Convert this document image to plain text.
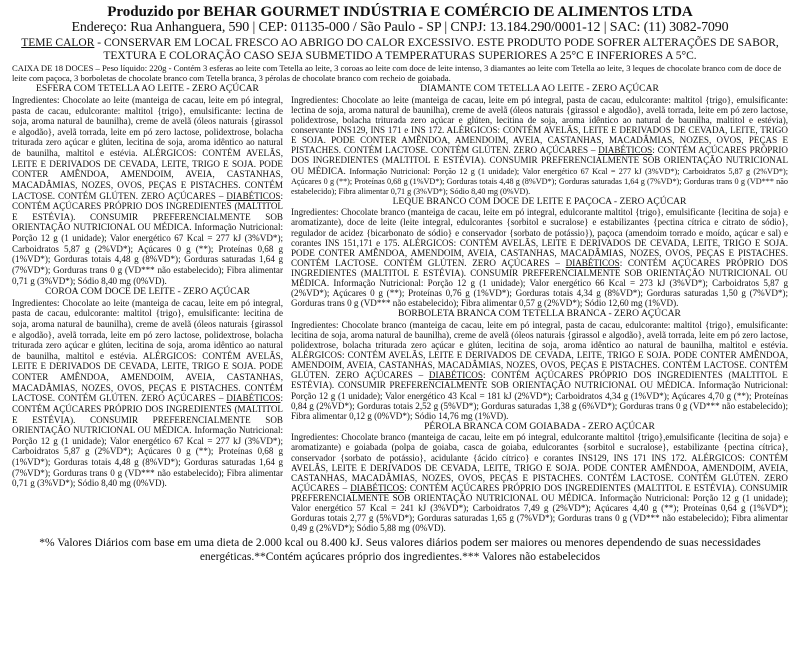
Produzido por BEHAR GOURMET INDÚSTRIA E COMÉRCIO DE ALIMENTOS LTDA
Endereço: Rua Anhanguera, 590 | CEP: 01135-000 / São Paulo - SP | CNPJ: 13.184.290/0001-12 | SAC: (11) 3082-7090
TEME CALOR - CONSERVAR EM LOCAL FRESCO AO ABRIGO DO CALOR EXCESSIVO. ESTE PRODUTO PODE SOFRER ALTERAÇÕES DE SABOR, TEXTURA E COLORAÇÃO CASO SEJA SUBMETIDO A TEMPERATURAS SUPERIORES A 25°C E INFERIORES A 5°C.
CAIXA DE 18 DOCES – Peso líquido: 220g - Contém 3 esferas ao leite com Tetella ao leite, 3 coroas ao leite com doce de leite intenso, 3 diamantes ao leite com Tetella ao leite, 3 leques de chocolate branco com de doce de leite com paçoca, 3 borboletas de chocolate branco com Tetella branca, 3 pérolas de chocolate branco com recheio de goiabada.
ESFERA COM TETELLA AO LEITE - ZERO AÇÚCAR
Ingredientes: Chocolate ao leite (manteiga de cacau, leite em pó integral, pasta de cacau, edulcorante: maltitol {trigo}, emulsificante: lectina de soja, aroma natural de baunilha), creme de avelã (óleos naturais {girassol e algodão}, avelã torrada, leite em pó zero lactose, polidextrose, bolacha triturada zero açúcar e glúten, lecitina de soja, aroma idêntico ao natural de baunilha, maltitol e estévia. ALÉRGICOS: CONTÉM AVELÃS, LEITE E DERIVADOS DE CEVADA, LEITE, TRIGO E SOJA. PODE CONTER AMÊNDOA, AMENDOIM, AVEIA, CASTANHAS, MACADÂMIAS, NOZES, OVOS, PEÇAS E PISTACHES. CONTÉM LACTOSE. CONTÉM GLÚTEN. ZERO AÇÚCARES – DIABÉTICOS: CONTÉM AÇÚCARES PRÓPRIO DOS INGREDIENTES (MALTITOL E ESTÉVIA). CONSUMIR PREFERENCIALMENTE SOB ORIENTAÇÃO NUTRICIONAL OU MÉDICA. Informação Nutricional: Porção 12 g (1 unidade); Valor energético 67 Kcal = 277 kJ (3%VD*); Carboidratos 5,87 g (2%VD*); Açúcares 0 g (**); Proteínas 0,68 g (1%VD*); Gorduras totais 4,48 g (8%VD*); Gorduras saturadas 1,64 g (7%VD*); Gorduras trans 0 g (VD*** não estabelecido); Fibra alimentar 0,71 g (3%VD*); Sódio 8,40 mg (0%VD).
COROA COM DOCE DE LEITE - ZERO AÇÚCAR
Ingredientes: Chocolate ao leite (manteiga de cacau, leite em pó integral, pasta de cacau, edulcorante: maltitol {trigo}, emulsificante: lecitina de soja, aroma natural de baunilha), creme de avelã (óleos naturais {girassol e algodão}, avelã torrada, leite em pó zero lactose, polidextrose, bolacha triturada zero açúcar e glúten, lecitina de soja, aroma idêntico ao natural de baunilha, maltitol e estévia. ALÉRGICOS: CONTÉM AVELÃS, LEITE E DERIVADOS DE CEVADA, LEITE, TRIGO E SOJA. PODE CONTER AMÊNDOA, AMENDOIM, AVEIA, CASTANHAS, MACADÂMIAS, NOZES, OVOS, PEÇAS E PISTACHES. CONTÉM LACTOSE. CONTÉM GLÚTEN. ZERO AÇÚCARES – DIABÉTICOS: CONTÉM AÇÚCARES PRÓPRIO DOS INGREDIENTES (MALTITOL E ESTÉVIA). CONSUMIR PREFERENCIALMENTE SOB ORIENTAÇÃO NUTRICIONAL OU MÉDICA. Informação Nutricional: Porção 12 g (1 unidade); Valor energético 67 Kcal = 277 kJ (3%VD*); Carboidratos 5,87 g (2%VD*); Açúcares 0 g (**); Proteínas 0,68 g (1%VD*); Gorduras totais 4,48 g (8%VD*); Gorduras saturadas 1,64 g (7%VD*); Gorduras trans 0 g (VD*** não estabelecido); Fibra alimentar 0,71 g (3%VD*); Sódio 8,40 mg (0%VD).
DIAMANTE COM TETELLA AO LEITE - ZERO AÇÚCAR
Ingredientes: Chocolate ao leite (manteiga de cacau, leite em pó integral, pasta de cacau, edulcorante: maltitol {trigo}, emulsificante: lectina de soja, aroma natural de baunilha), creme de avelã (óleos naturais {girassol e algodão}, avelã torrada, leite em pó zero lactose, polidextrose, bolacha triturada zero açúcar e glúten, lecitina de soja, aroma idêntico ao natural de baunilha, maltitol e estévia), conservante INS129, INS 171 e INS 172. ALÉRGICOS: CONTÉM AVELÃS, LEITE E DERIVADOS DE CEVADA, LEITE, TRIGO E SOJA. PODE CONTER AMÊNDOA, AMENDOIM, AVEIA, CASTANHAS, MACADÂMIAS, NOZES, OVOS, PEÇAS E PISTACHES. CONTÉM LACTOSE. CONTÉM GLÚTEN. ZERO AÇÚCARES – DIABÉTICOS: CONTÉM AÇÚCARES PRÓPRIO DOS INGREDIENTES (MALTITOL E ESTÉVIA). CONSUMIR PREFERENCIALMENTE SOB ORIENTAÇÃO NUTRICIONAL OU MÉDICA. Informação Nutricional: Porção 12 g (1 unidade); Valor energético 67 Kcal = 277 kJ (3%VD*); Carboidratos 5,87 g (2%VD*); Açúcares 0 g (**); Proteínas 0,68 g (1%VD*); Gorduras totais 4,48 g (8%VD*); Gorduras saturadas 1,64 g (7%VD*); Gorduras trans 0 g (VD*** não estabelecido); Fibra alimentar 0,71 g (3%VD*); Sódio 8,40 mg (0%VD).
LEQUE BRANCO COM DOCE DE LEITE E PAÇOCA - ZERO AÇÚCAR
Ingredientes: Chocolate branco (manteiga de cacau, leite em pó integral, edulcorante maltitol {trigo}, emulsificante {lecitina de soja} e aromatizante), doce de leite (leite integral, edulcorantes {sorbitol e sucralose} e estabilizantes {pectina cítrica e citrato de sódio}, regulador de acidez {bicarbonato de sódio} e conservador {sorbato de potássio}), paçoca (amendoim torrado e moído, açúcar e sal) e corantes INS 151,171 e 175. ALÉRGICOS: CONTÉM AVELÃS, LEITE E DERIVADOS DE CEVADA, LEITE, TRIGO E SOJA. PODE CONTER AMÊNDOA, AMENDOIM, AVEIA, CASTANHAS, MACADÂMIAS, NOZES, OVOS, PEÇAS E PISTACHES. CONTÉM LACTOSE. CONTÉM GLÚTEN. ZERO AÇÚCARES – DIABÉTICOS: CONTÉM AÇÚCARES PRÓPRIO DOS INGREDIENTES (MALTITOL E ESTÉVIA). CONSUMIR PREFERENCIALMENTE SOB ORIENTAÇÃO NUTRICIONAL OU MÉDICA. Informação Nutricional: Porção 12 g (1 unidade); Valor energético 66 Kcal = 273 kJ (3%VD*); Carboidratos 5,87 g (2%VD*); Açúcares 0 g (**); Proteínas 0,76 g (1%VD*); Gorduras totais 4,34 g (8%VD*); Gorduras saturadas 1,50 g (7%VD*); Gorduras trans 0 g (VD*** não estabelecido); Fibra alimentar 0,57 g (2%VD*); Sódio 12,60 mg (1%VD).
BORBOLETA BRANCA COM TETELLA BRANCA - ZERO AÇÚCAR
Ingredientes: Chocolate branco (manteiga de cacau, leite em pó integral, pasta de cacau, edulcorante: maltitol {trigo}, emulsificante: lecitina de soja, aroma natural de baunilha), creme de avelã (óleos naturais {girassol e algodão}, avelã torrada, leite em pó zero lactose, polidextrose, bolacha triturada zero açúcar e glúten, lecitina de soja, aroma idêntico ao natural de baunilha, maltitol e estévia. ALÉRGICOS: CONTÉM AVELÃS, LEITE E DERIVADOS DE CEVADA, LEITE, TRIGO E SOJA. PODE CONTER AMÊNDOA, AMENDOIM, AVEIA, CASTANHAS, MACADÂMIAS, NOZES, OVOS, PEÇAS E PISTACHES. CONTÉM LACTOSE. CONTÉM GLÚTEN. ZERO AÇÚCARES – DIABÉTICOS: CONTÉM AÇÚCARES PRÓPRIO DOS INGREDIENTES (MALTITOL E ESTÉVIA). CONSUMIR PREFERENCIALMENTE SOB ORIENTAÇÃO NUTRICIONAL OU MÉDICA. Informação Nutricional: Porção 12 g (1 unidade); Valor energético 43 Kcal = 181 kJ (2%VD*); Carboidratos 4,34 g (1%VD*); Açúcares 4,70 g (**); Proteínas 0,84 g (2%VD*); Gorduras totais 2,52 g (5%VD*); Gorduras saturadas 1,38 g (6%VD*); Gorduras trans 0 g (VD*** não estabelecido); Fibra alimentar 0,12 g (0%VD*); Sódio 14,76 mg (1%VD).
PÉROLA BRANCA COM GOIABADA - ZERO AÇÚCAR
Ingredientes: Chocolate branco (manteiga de cacau, leite em pó integral, edulcorante maltitol {trigo},emulsificante {lecitina de soja} e aromatizante) e goiabada (polpa de goiaba, casca de goiaba, edulcorantes {sorbitol e sucralose}, estabilizante {pectina cítrica}, conservador {sorbato de potássio}, acidulante {ácido cítrico} e corantes INS129, INS 171 INS 172. ALÉRGICOS: CONTÉM AVELÃS, LEITE E DERIVADOS DE CEVADA, LEITE, TRIGO E SOJA. PODE CONTER AMÊNDOA, AMENDOIM, AVEIA, CASTANHAS, MACADÂMIAS, NOZES, OVOS, PEÇAS E PISTACHES. CONTÉM LACTOSE. CONTÉM GLÚTEN. ZERO AÇÚCARES – DIABÉTICOS: CONTÉM AÇÚCARES PRÓPRIO DOS INGREDIENTES (MALTITOL E ESTÉVIA). CONSUMIR PREFERENCIALMENTE SOB ORIENTAÇÃO NUTRICIONAL OU MÉDICA. Informação Nutricional: Porção 12 g (1 unidade); Valor energético 57 Kcal = 241 kJ (3%VD*); Carboidratos 7,49 g (2%VD*); Açúcares 4,40 g (**); Proteínas 0,64 g (1%VD*); Gorduras totais 2,77 g (5%VD*); Gorduras saturadas 1,65 g (7%VD*); Gorduras trans 0 g (VD*** não estabelecido); Fibra alimentar 0,49 g (2%VD*); Sódio 5,88 mg (0%VD).
*% Valores Diários com base em uma dieta de 2.000 kcal ou 8.400 kJ. Seus valores diários podem ser maiores ou menores dependendo de suas necessidades energéticas.**Contém açúcares próprio dos ingredientes.*** Valores não estabelecidos
